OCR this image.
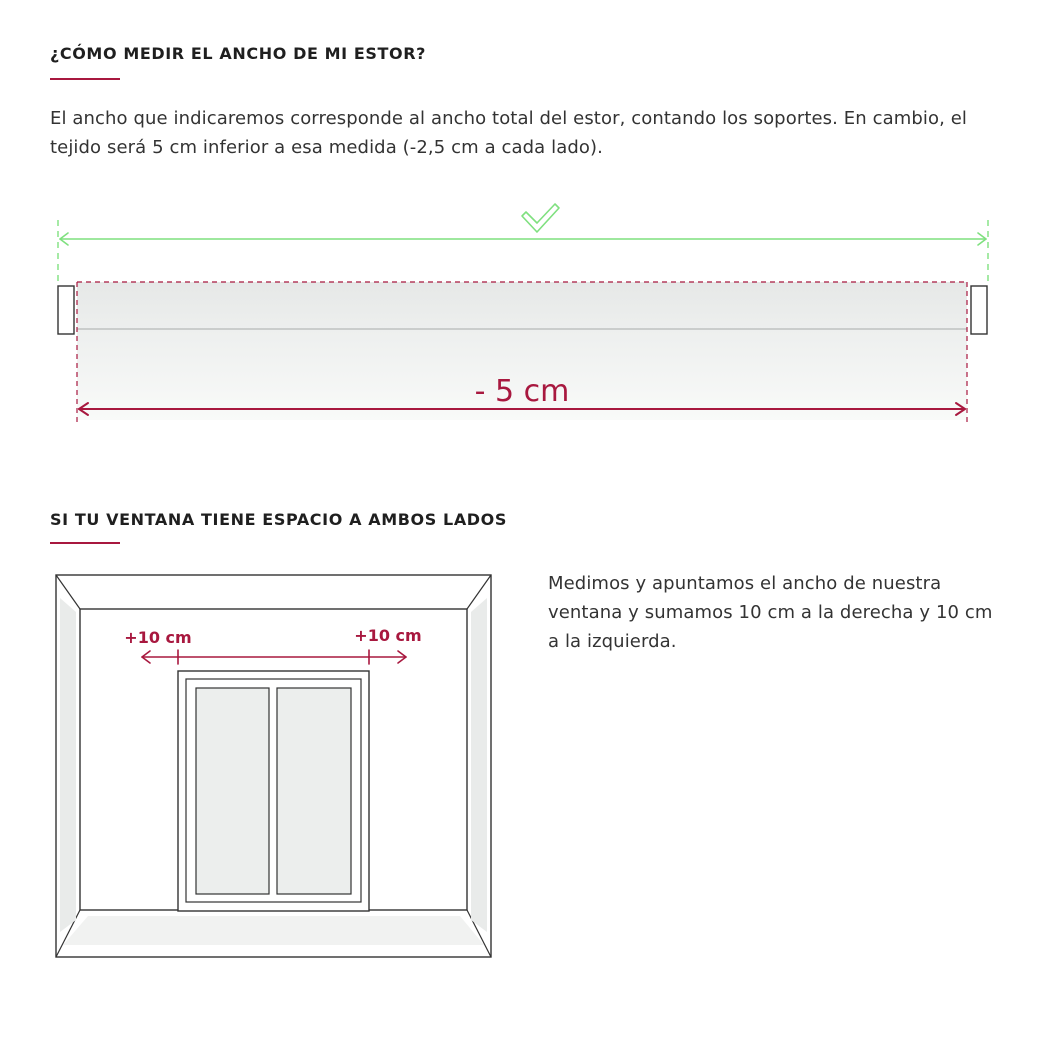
¿CÓMO MEDIR EL ANCHO DE MI ESTOR?

El ancho que indicaremos corresponde al ancho total del estor, contando los soportes. En cambio, el tejido será 5 cm inferior a esa medida (-2,5 cm a cada lado).

- 5 cm
+10 cm	+10 cm
SI TU VENTANA TIENE ESPACIO A AMBOS LADOS

Medimos y apuntamos el ancho de nuestra ventana y sumamos 10 cm a la derecha y 10 cm a la izquierda.
